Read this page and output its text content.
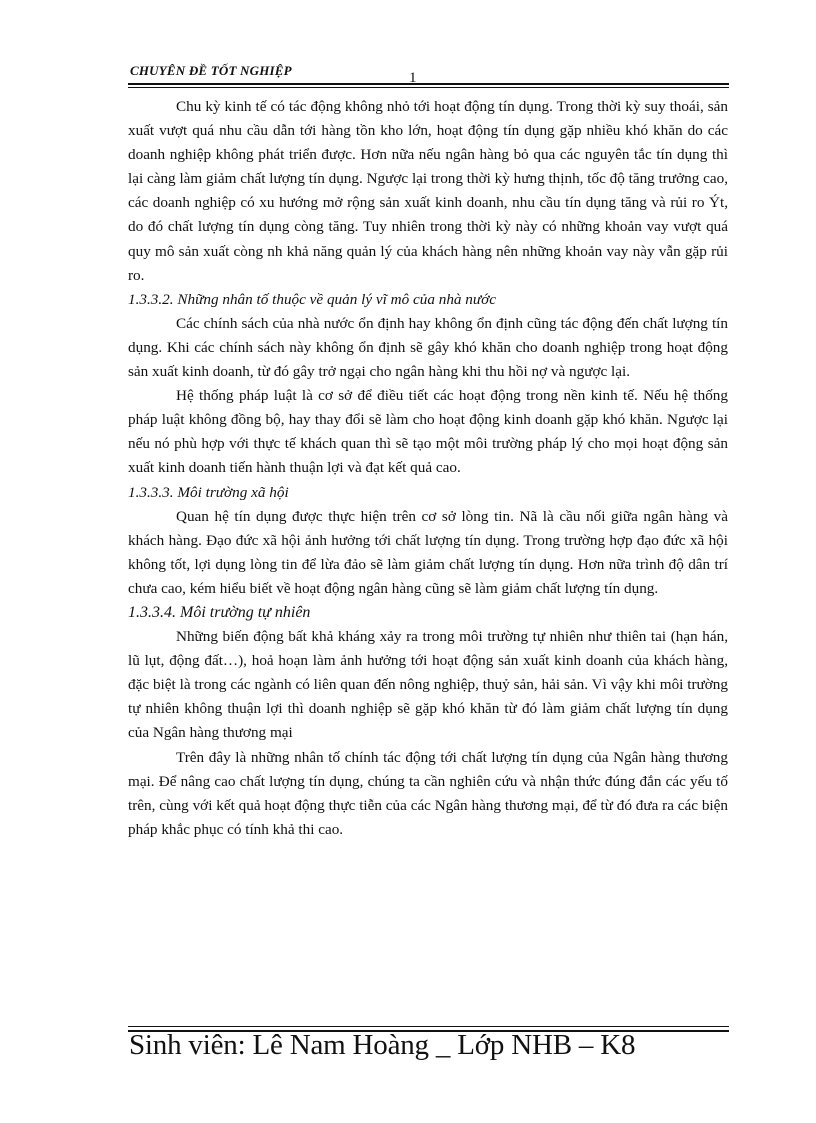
CHUYÊN ĐỀ TỐT NGHIỆP	1

Chu kỳ kinh tế có tác động không nhỏ tới hoạt động tín dụng. Trong thời kỳ suy thoái, sản xuất vượt quá nhu cầu dẫn tới hàng tồn kho lớn, hoạt động tín dụng gặp nhiều khó khăn do các doanh nghiệp không phát triển được. Hơn nữa nếu ngân hàng bỏ qua các nguyên tắc tín dụng thì lại càng làm giảm chất lượng tín dụng. Ngược lại trong thời kỳ hưng thịnh, tốc độ tăng trưởng cao, các doanh nghiệp có xu hướng mở rộng sản xuất kinh doanh, nhu cầu tín dụng tăng và rủi ro Ýt, do đó chất lượng tín dụng còng tăng. Tuy nhiên trong thời kỳ này có những khoản vay vượt quá quy mô sản xuất còng nh khả năng quản lý của khách hàng nên những khoản vay này vẫn gặp rủi ro.

1.3.3.2. Những nhân tố thuộc về quản lý vĩ mô của nhà nước

Các chính sách của nhà nước ổn định hay không ổn định cũng tác động đến chất lượng tín dụng. Khi các chính sách này không ổn định sẽ gây khó khăn cho doanh nghiệp trong hoạt động sản xuất kinh doanh, từ đó gây trở ngại cho ngân hàng khi thu hồi nợ và ngược lại.

Hệ thống pháp luật là cơ sở để điều tiết các hoạt động trong nền kinh tế. Nếu hệ thống pháp luật không đồng bộ, hay thay đổi sẽ làm cho hoạt động kinh doanh gặp khó khăn. Ngược lại nếu nó phù hợp với thực tế khách quan thì sẽ tạo một môi trường pháp lý cho mọi hoạt động sản xuất kinh doanh tiến hành thuận lợi và đạt kết quả cao.

1.3.3.3. Môi trường xã hội

Quan hệ tín dụng được thực hiện trên cơ sở lòng tin. Nã là cầu nối giữa ngân hàng và khách hàng. Đạo đức xã hội ảnh hưởng tới chất lượng tín dụng. Trong trường hợp đạo đức xã hội không tốt, lợi dụng lòng tin để lừa đảo sẽ làm giảm chất lượng tín dụng. Hơn nữa trình độ dân trí chưa cao, kém hiểu biết về hoạt động ngân hàng cũng sẽ làm giảm chất lượng tín dụng.

1.3.3.4. Môi trường tự nhiên

Những biến động bất khả kháng xảy ra trong môi trường tự nhiên như thiên tai (hạn hán, lũ lụt, động đất…), hoả hoạn làm ảnh hưởng tới hoạt động sản xuất kinh doanh của khách hàng, đặc biệt là trong các ngành có liên quan đến nông nghiệp, thuỷ sản, hải sản. Vì vậy khi môi trường tự nhiên không thuận lợi thì doanh nghiệp sẽ gặp khó khăn từ đó làm giảm chất lượng tín dụng của Ngân hàng thương mại

Trên đây là những nhân tố chính tác động tới chất lượng tín dụng của Ngân hàng thương mại. Để nâng cao chất lượng tín dụng, chúng ta cần nghiên cứu và nhận thức đúng đắn các yếu tố trên, cùng với kết quả hoạt động thực tiễn của các Ngân hàng thương mại, để từ đó đưa ra các biện pháp khắc phục có tính khả thi cao.

Sinh viên: Lê Nam Hoàng _ Lớp NHB – K8
